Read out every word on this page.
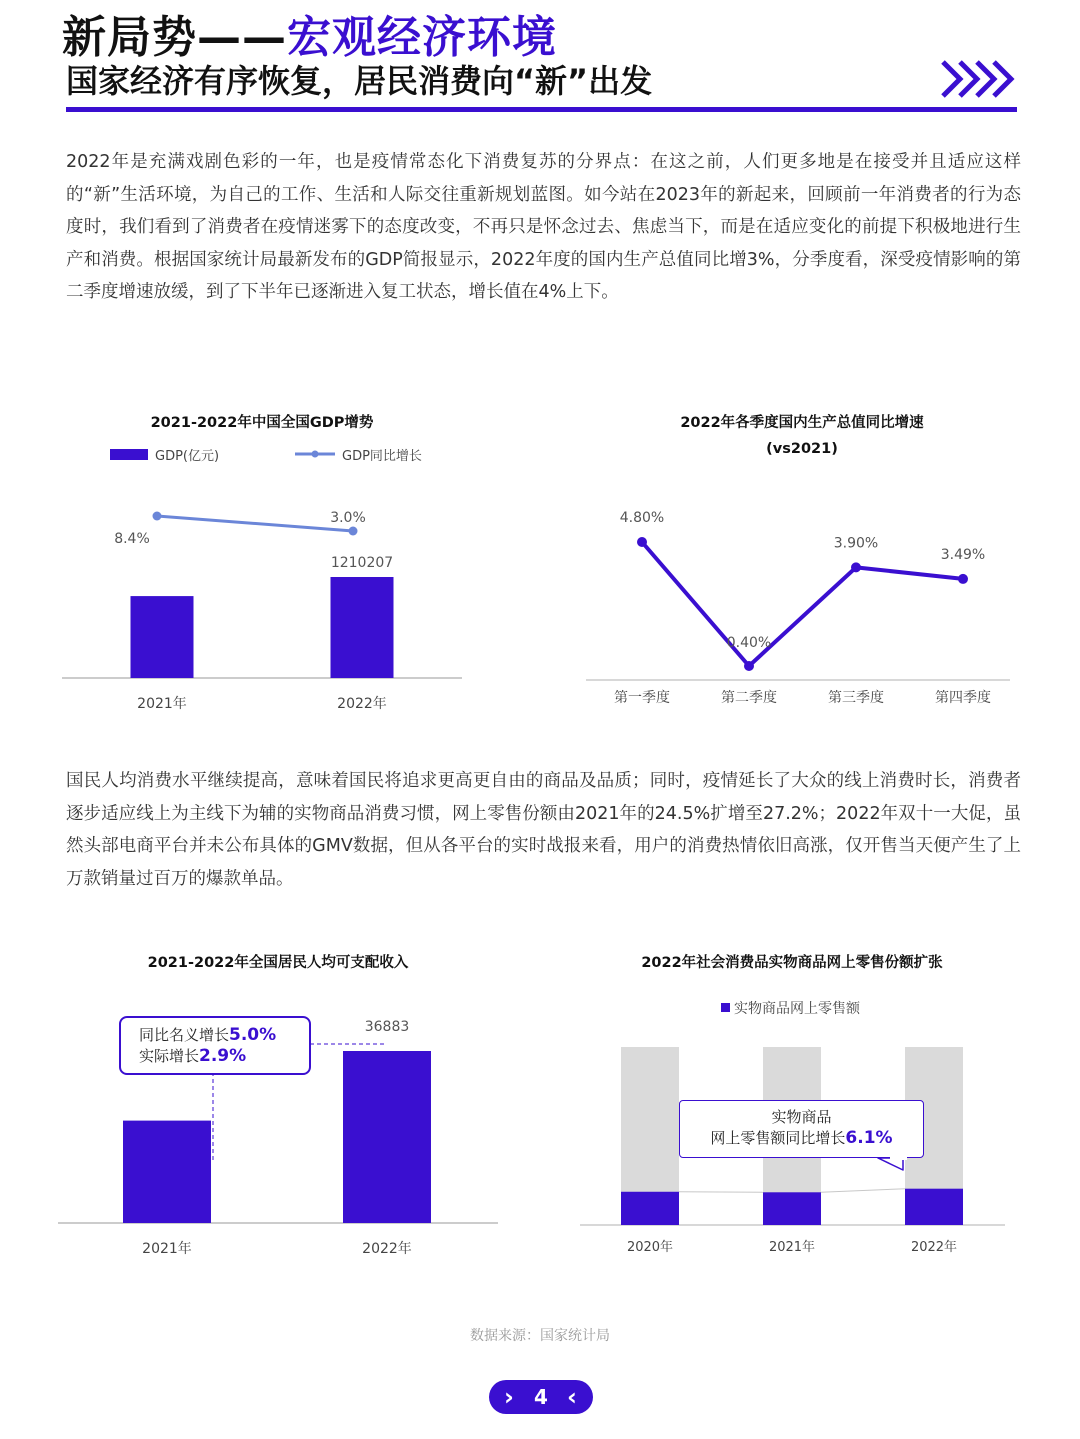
新局势——宏观经济环境
国家经济有序恢复，居民消费向“新”出发

2022年是充满戏剧色彩的一年，也是疫情常态化下消费复苏的分界点：在这之前，人们更多地是在接受并且适应这样的“新”生活环境，为自己的工作、生活和人际交往重新规划蓝图。如今站在2023年的新起来，回顾前一年消费者的行为态度时，我们看到了消费者在疫情迷雾下的态度改变，不再只是怀念过去、焦虑当下，而是在适应变化的前提下积极地进行生产和消费。根据国家统计局最新发布的GDP简报显示，2022年度的国内生产总值同比增3%，分季度看，深受疫情影响的第二季度增速放缓，到了下半年已逐渐进入复工状态，增长值在4%上下。

2021-2022年中国全国GDP增势
GDP(亿元)	GDP同比增长
1210207
8.4%
3.0%
2021年	2022年
2022年各季度国内生产总值同比增速
(vs2021)
4.80%
0.40%
3.90%
3.49%
第一季度	第二季度	第三季度	第四季度

国民人均消费水平继续提高，意味着国民将追求更高更自由的商品及品质；同时，疫情延长了大众的线上消费时长，消费者逐步适应线上为主线下为辅的实物商品消费习惯，网上零售份额由2021年的24.5%扩增至27.2%；2022年双十一大促，虽然头部电商平台并未公布具体的GMV数据，但从各平台的实时战报来看，用户的消费热情依旧高涨，仅开售当天便产生了上万款销量过百万的爆款单品。

2021-2022年全国居民人均可支配收入
36883
2021年	2022年
同比名义增长5.0%
实际增长2.9%
2022年社会消费品实物商品网上零售份额扩张
实物商品网上零售额
2020年	2021年	2022年
实物商品
网上零售额同比增长6.1%
数据来源：国家统计局
› 4 ‹
